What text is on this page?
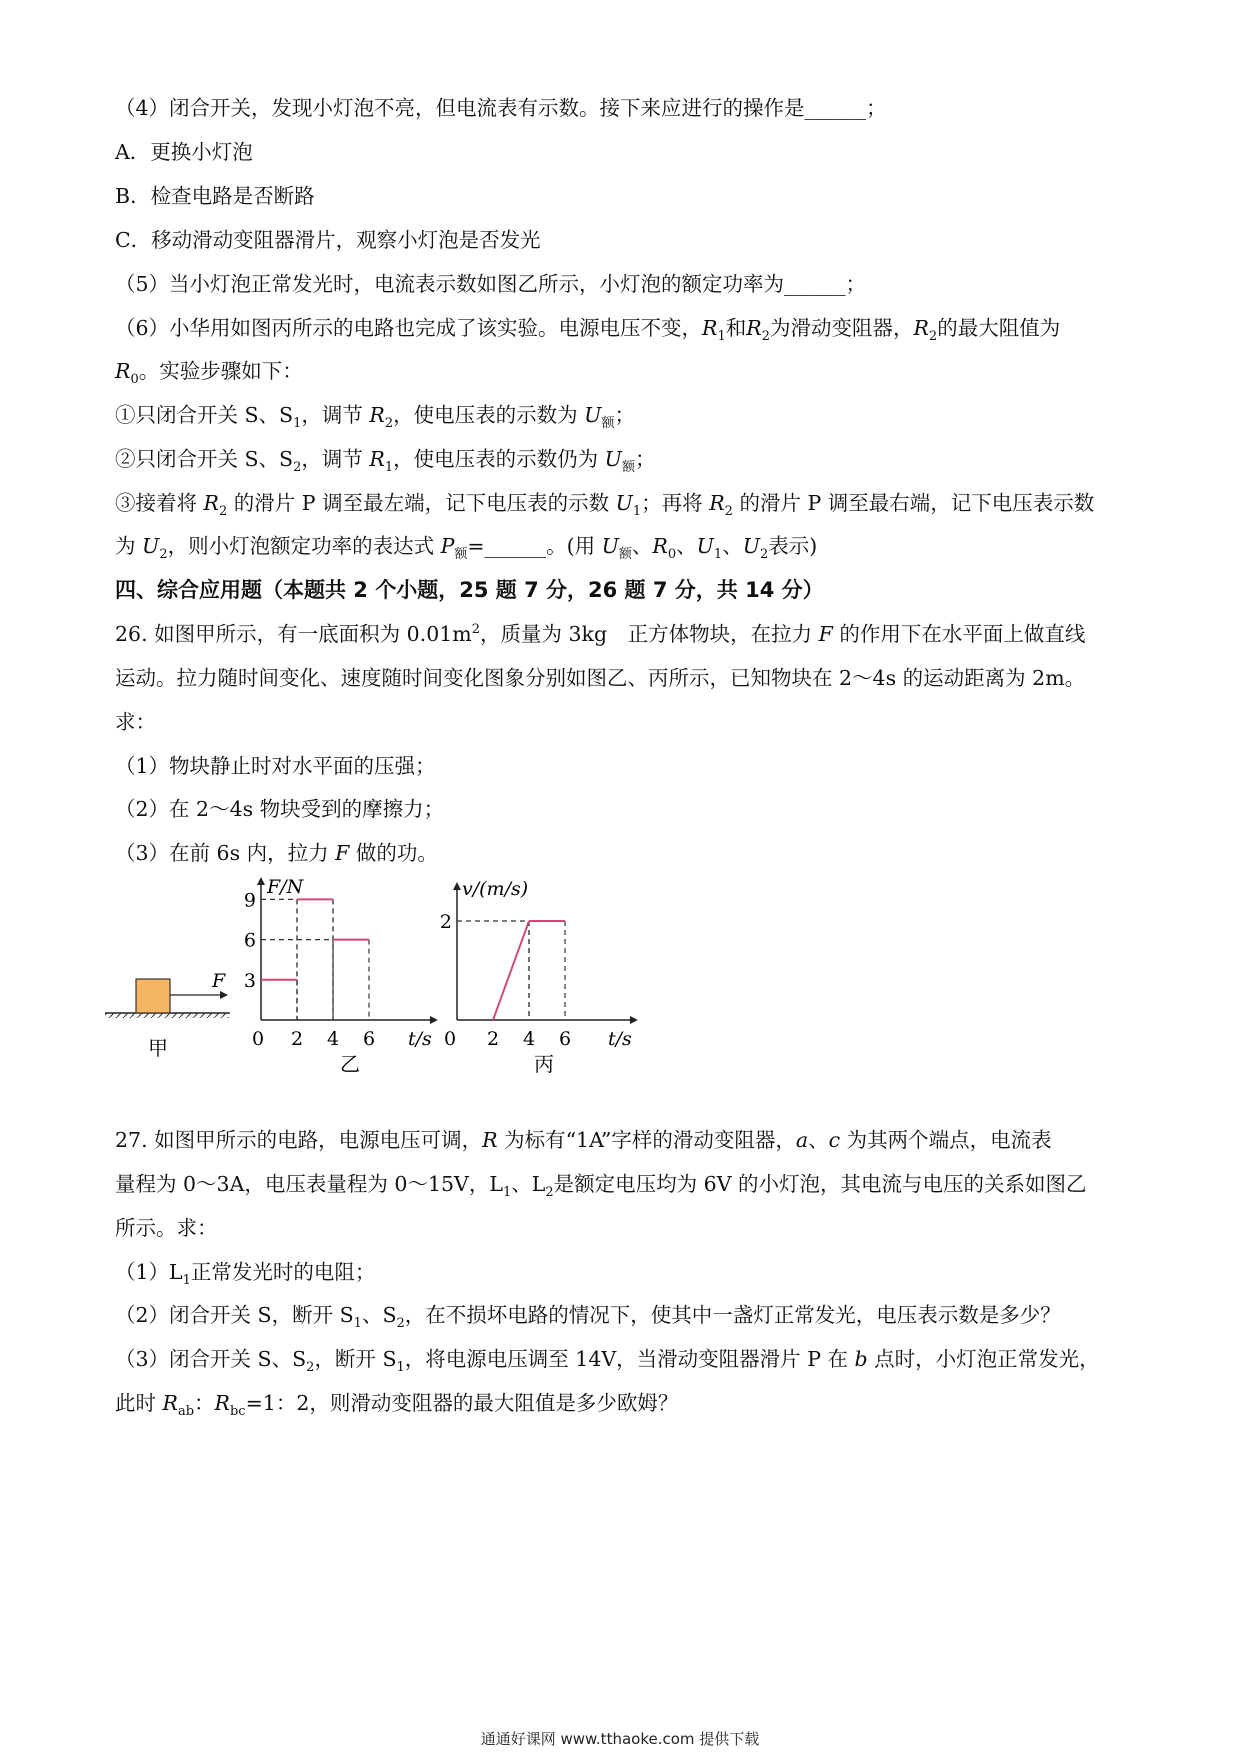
（4）闭合开关，发现小灯泡不亮，但电流表有示数。接下来应进行的操作是______；
A．更换小灯泡
B．检查电路是否断路
C．移动滑动变阻器滑片，观察小灯泡是否发光
（5）当小灯泡正常发光时，电流表示数如图乙所示，小灯泡的额定功率为______；
（6）小华用如图丙所示的电路也完成了该实验。电源电压不变，$R_1$和$R_2$为滑动变阻器，$R_2$的最大阻值为
$R_0$。实验步骤如下：
①只闭合开关 S、$S_1$，调节 $R_2$，使电压表的示数为 $U_额$；
②只闭合开关 S、$S_2$，调节 $R_1$，使电压表的示数仍为 $U_额$；
③接着将 $R_2$ 的滑片 P 调至最左端，记下电压表的示数 $U_1$；再将 $R_2$ 的滑片 P 调至最右端，记下电压表示数
为 $U_2$，则小灯泡额定功率的表达式 $P_额=\_\_\_\_\_\_$。(用 $U_额$、$R_0$、$U_1$、$U_2$表示)
四、综合应用题（本题共 2 个小题，25 题 7 分，26 题 7 分，共 14 分）
26. 如图甲所示，有一底面积为 $0.01m^2$，质量为 3kg　正方体物块，在拉力 F 的作用下在水平面上做直线
运动。拉力随时间变化、速度随时间变化图象分别如图乙、丙所示，已知物块在 2～4s 的运动距离为 2m。
求：
（1）物块静止时对水平面的压强；
（2）在 2～4s 物块受到的摩擦力；
（3）在前 6s 内，拉力 F 做的功。
F
甲
F/N
t/s
0
乙
2 4 6
3
6
9
v/(m/s)
t/s
0
丙
2 4 6
2
27. 如图甲所示的电路，电源电压可调，R 为标有“1A”字样的滑动变阻器，a、c 为其两个端点，电流表
量程为 0～3A，电压表量程为 0～15V，$L_1$、$L_2$是额定电压均为 6V 的小灯泡，其电流与电压的关系如图乙
所示。求：
$(1)L_1$正常发光时的电阻；
（2）闭合开关 S，断开 $S_1$、$S_2$，在不损坏电路的情况下，使其中一盏灯正常发光，电压表示数是多少？
（3）闭合开关 S、$S_2$，断开 $S_1$，将电源电压调至 14V，当滑动变阻器滑片 P 在 b 点时，小灯泡正常发光，
此时 $R_{ab}$：$R_{bc}=1$：2，则滑动变阻器的最大阻值是多少欧姆？
通通好课网 www.tthaoke.com 提供下载
